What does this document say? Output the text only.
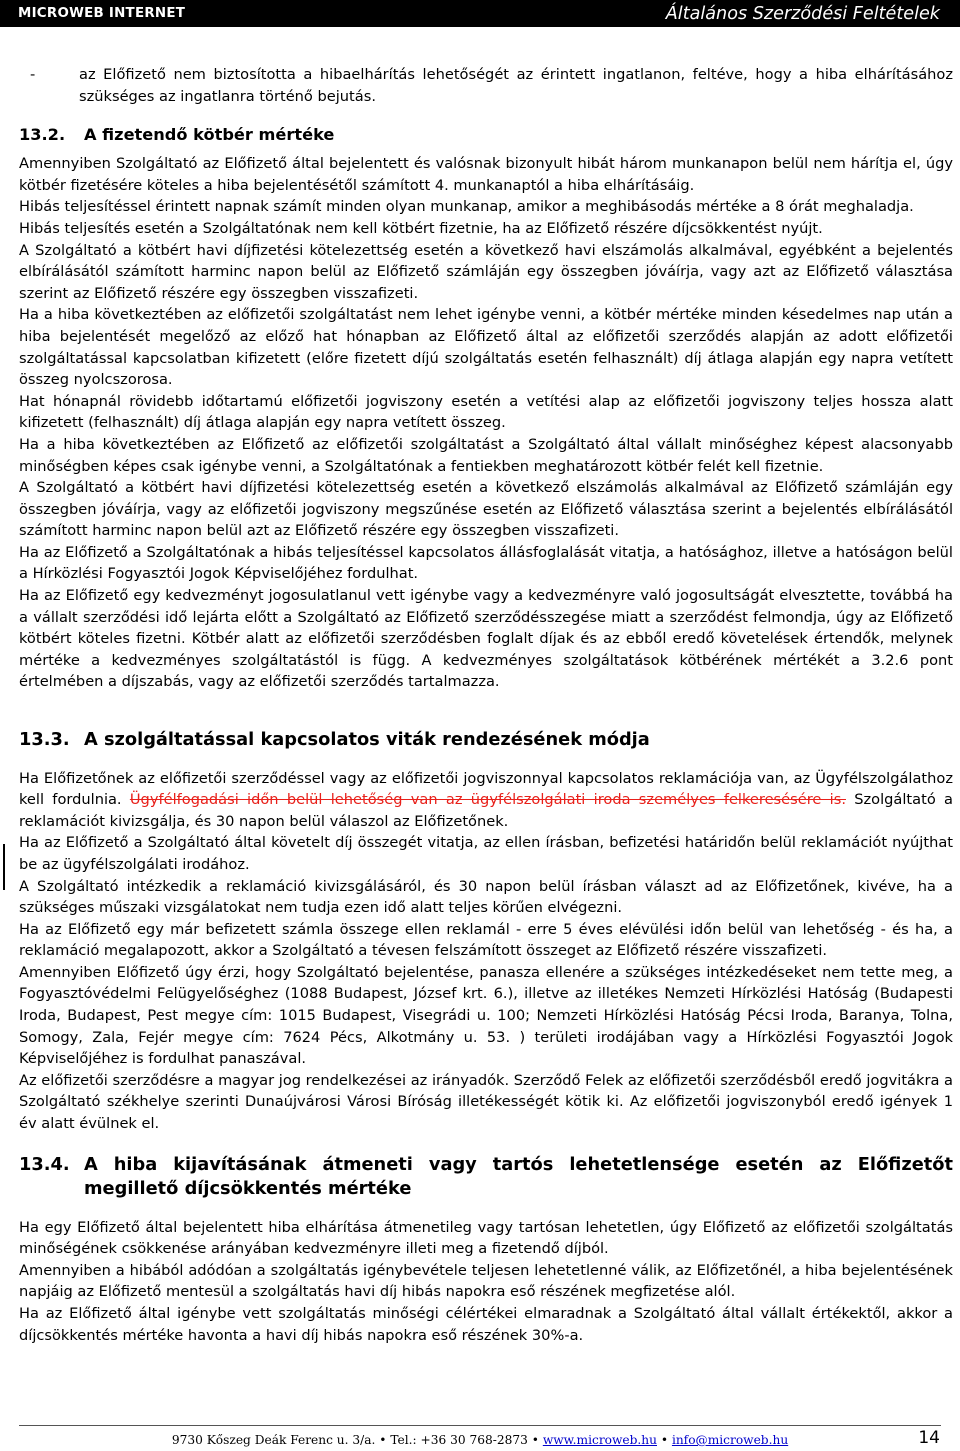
MICROWEB INTERNET	Általános Szerződési Feltételek
-	az Előfizető nem biztosította a hibaelhárítás lehetőségét az érintett ingatlanon, feltéve, hogy a hiba elhárításához szükséges az ingatlanra történő bejutás.

13.2.	A fizetendő kötbér mértéke

Amennyiben Szolgáltató az Előfizető által bejelentett és valósnak bizonyult hibát három munkanapon belül nem hárítja el, úgy kötbér fizetésére köteles a hiba bejelentésétől számított 4. munkanaptól a hiba elhárításáig.

Hibás teljesítéssel érintett napnak számít minden olyan munkanap, amikor a meghibásodás mértéke a 8 órát meghaladja.

Hibás teljesítés esetén a Szolgáltatónak nem kell kötbért fizetnie, ha az Előfizető részére díjcsökkentést nyújt.

A Szolgáltató a kötbért havi díjfizetési kötelezettség esetén a következő havi elszámolás alkalmával, egyébként a bejelentés elbírálásától számított harminc napon belül az Előfizető számláján egy összegben jóváírja, vagy azt az Előfizető választása szerint az Előfizető részére egy összegben visszafizeti.

Ha a hiba következtében az előfizetői szolgáltatást nem lehet igénybe venni, a kötbér mértéke minden késedelmes nap után a hiba bejelentését megelőző az előző hat hónapban az Előfizető által az előfizetői szerződés alapján az adott előfizetői szolgáltatással kapcsolatban kifizetett (előre fizetett díjú szolgáltatás esetén felhasznált) díj átlaga alapján egy napra vetített összeg nyolcszorosa.

Hat hónapnál rövidebb időtartamú előfizetői jogviszony esetén a vetítési alap az előfizetői jogviszony teljes hossza alatt kifizetett (felhasznált) díj átlaga alapján egy napra vetített összeg.

Ha a hiba következtében az Előfizető az előfizetői szolgáltatást a Szolgáltató által vállalt minőséghez képest alacsonyabb minőségben képes csak igénybe venni, a Szolgáltatónak a fentiekben meghatározott kötbér felét kell fizetnie.

A Szolgáltató a kötbért havi díjfizetési kötelezettség esetén a következő elszámolás alkalmával az Előfizető számláján egy összegben jóváírja, vagy az előfizetői jogviszony megszűnése esetén az Előfizető választása szerint a bejelentés elbírálásától számított harminc napon belül azt az Előfizető részére egy összegben visszafizeti.

Ha az Előfizető a Szolgáltatónak a hibás teljesítéssel kapcsolatos állásfoglalását vitatja, a hatósághoz, illetve a hatóságon belül a Hírközlési Fogyasztói Jogok Képviselőjéhez fordulhat.

Ha az Előfizető egy kedvezményt jogosulatlanul vett igénybe vagy a kedvezményre való jogosultságát elvesztette, továbbá ha a vállalt szerződési idő lejárta előtt a Szolgáltató az Előfizető szerződésszegése miatt a szerződést felmondja, úgy az Előfizető kötbért köteles fizetni. Kötbér alatt az előfizetői szerződésben foglalt díjak és az ebből eredő követelések értendők, melynek mértéke a kedvezményes szolgáltatástól is függ. A kedvezményes szolgáltatások kötbérének mértékét a 3.2.6 pont értelmében a díjszabás, vagy az előfizetői szerződés tartalmazza.

13.3. A szolgáltatással kapcsolatos viták rendezésének módja

Ha Előfizetőnek az előfizetői szerződéssel vagy az előfizetői jogviszonnyal kapcsolatos reklamációja van, az Ügyfélszolgálathoz kell fordulnia. Ügyfélfogadási időn belül lehetőség van az ügyfélszolgálati iroda személyes felkeresésére is. Szolgáltató a reklamációt kivizsgálja, és 30 napon belül válaszol az Előfizetőnek.

Ha az Előfizető a Szolgáltató által követelt díj összegét vitatja, az ellen írásban, befizetési határidőn belül reklamációt nyújthat be az ügyfélszolgálati irodához.

A Szolgáltató intézkedik a reklamáció kivizsgálásáról, és 30 napon belül írásban választ ad az Előfizetőnek, kivéve, ha a szükséges műszaki vizsgálatokat nem tudja ezen idő alatt teljes körűen elvégezni.

Ha az Előfizető egy már befizetett számla összege ellen reklamál - erre 5 éves elévülési időn belül van lehetőség - és ha, a reklamáció megalapozott, akkor a Szolgáltató a tévesen felszámított összeget az Előfizető részére visszafizeti.

Amennyiben Előfizető úgy érzi, hogy Szolgáltató bejelentése, panasza ellenére a szükséges intézkedéseket nem tette meg, a Fogyasztóvédelmi Felügyelőséghez (1088 Budapest, József krt. 6.), illetve az illetékes Nemzeti Hírközlési Hatóság (Budapesti Iroda, Budapest, Pest megye cím: 1015 Budapest, Visegrádi u. 100; Nemzeti Hírközlési Hatóság Pécsi Iroda, Baranya, Tolna, Somogy, Zala, Fejér megye cím: 7624 Pécs, Alkotmány u. 53. ) területi irodájában vagy a Hírközlési Fogyasztói Jogok Képviselőjéhez is fordulhat panaszával.

Az előfizetői szerződésre a magyar jog rendelkezései az irányadók. Szerződő Felek az előfizetői szerződésből eredő jogvitákra a Szolgáltató székhelye szerinti Dunaújvárosi Városi Bíróság illetékességét kötik ki. Az előfizetői jogviszonyból eredő igények 1 év alatt évülnek el.

13.4. A hiba kijavításának átmeneti vagy tartós lehetetlensége esetén az Előfizetőt megillető díjcsökkentés mértéke

Ha egy Előfizető által bejelentett hiba elhárítása átmenetileg vagy tartósan lehetetlen, úgy Előfizető az előfizetői szolgáltatás minőségének csökkenése arányában kedvezményre illeti meg a fizetendő díjból.

Amennyiben a hibából adódóan a szolgáltatás igénybevétele teljesen lehetetlenné válik, az Előfizetőnél, a hiba bejelentésének napjáig az Előfizető mentesül a szolgáltatás havi díj hibás napokra eső részének megfizetése alól.

Ha az Előfizető által igénybe vett szolgáltatás minőségi célértékei elmaradnak a Szolgáltató által vállalt értékektől, akkor a díjcsökkentés mértéke havonta a havi díj hibás napokra eső részének 30%-a.

9730 Kőszeg Deák Ferenc u. 3/a. • Tel.: +36 30 768-2873 • www.microweb.hu • info@microweb.hu	14
